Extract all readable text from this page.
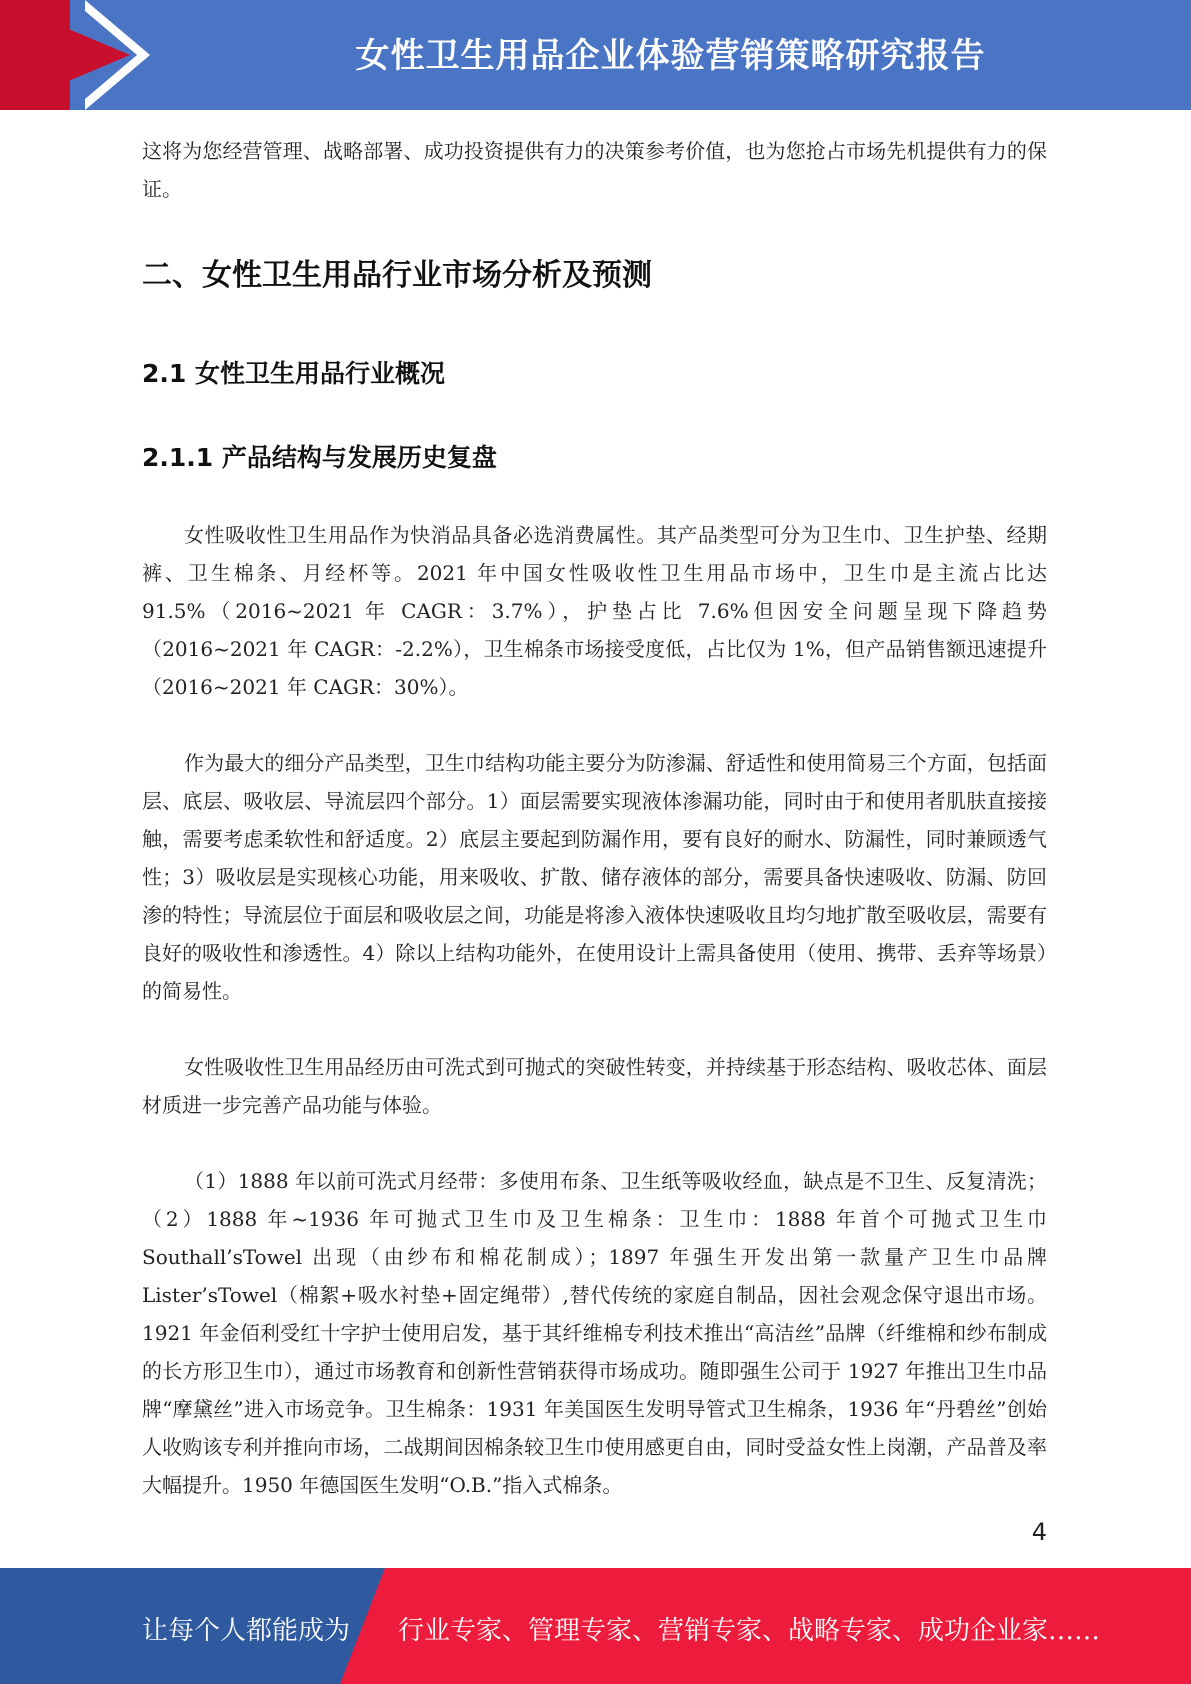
女性卫生用品企业体验营销策略研究报告

这将为您经营管理、战略部署、成功投资提供有力的决策参考价值，也为您抢占市场先机提供有力的保证。

二、女性卫生用品行业市场分析及预测
2.1 女性卫生用品行业概况
2.1.1 产品结构与发展历史复盘

女性吸收性卫生用品作为快消品具备必选消费属性。其产品类型可分为卫生巾、卫生护垫、经期裤、卫生棉条、月经杯等。2021 年中国女性吸收性卫生用品市场中，卫生巾是主流占比达 91.5%（2016~2021 年 CAGR：3.7%），护垫占比 7.6%但因安全问题呈现下降趋势（2016~2021 年 CAGR：-2.2%），卫生棉条市场接受度低，占比仅为 1%，但产品销售额迅速提升（2016~2021 年 CAGR：30%）。

作为最大的细分产品类型，卫生巾结构功能主要分为防渗漏、舒适性和使用简易三个方面，包括面层、底层、吸收层、导流层四个部分。1）面层需要实现液体渗漏功能，同时由于和使用者肌肤直接接触，需要考虑柔软性和舒适度。2）底层主要起到防漏作用，要有良好的耐水、防漏性，同时兼顾透气性；3）吸收层是实现核心功能，用来吸收、扩散、储存液体的部分，需要具备快速吸收、防漏、防回渗的特性；导流层位于面层和吸收层之间，功能是将渗入液体快速吸收且均匀地扩散至吸收层，需要有良好的吸收性和渗透性。4）除以上结构功能外，在使用设计上需具备使用（使用、携带、丢弃等场景）的简易性。

女性吸收性卫生用品经历由可洗式到可抛式的突破性转变，并持续基于形态结构、吸收芯体、面层材质进一步完善产品功能与体验。

（1）1888 年以前可洗式月经带：多使用布条、卫生纸等吸收经血，缺点是不卫生、反复清洗；（2）1888 年~1936 年可抛式卫生巾及卫生棉条：卫生巾：1888 年首个可抛式卫生巾 Southall’sTowel 出现（由纱布和棉花制成）；1897 年强生开发出第一款量产卫生巾品牌 Lister’sTowel（棉絮+吸水衬垫+固定绳带）,替代传统的家庭自制品，因社会观念保守退出市场。1921 年金佰利受红十字护士使用启发，基于其纤维棉专利技术推出“高洁丝”品牌（纤维棉和纱布制成的长方形卫生巾），通过市场教育和创新性营销获得市场成功。随即强生公司于 1927 年推出卫生巾品牌“摩黛丝”进入市场竞争。卫生棉条：1931 年美国医生发明导管式卫生棉条，1936 年“丹碧丝”创始人收购该专利并推向市场，二战期间因棉条较卫生巾使用感更自由，同时受益女性上岗潮，产品普及率大幅提升。1950 年德国医生发明“O.B.”指入式棉条。

4
让每个人都能成为 行业专家、管理专家、营销专家、战略专家、成功企业家……
